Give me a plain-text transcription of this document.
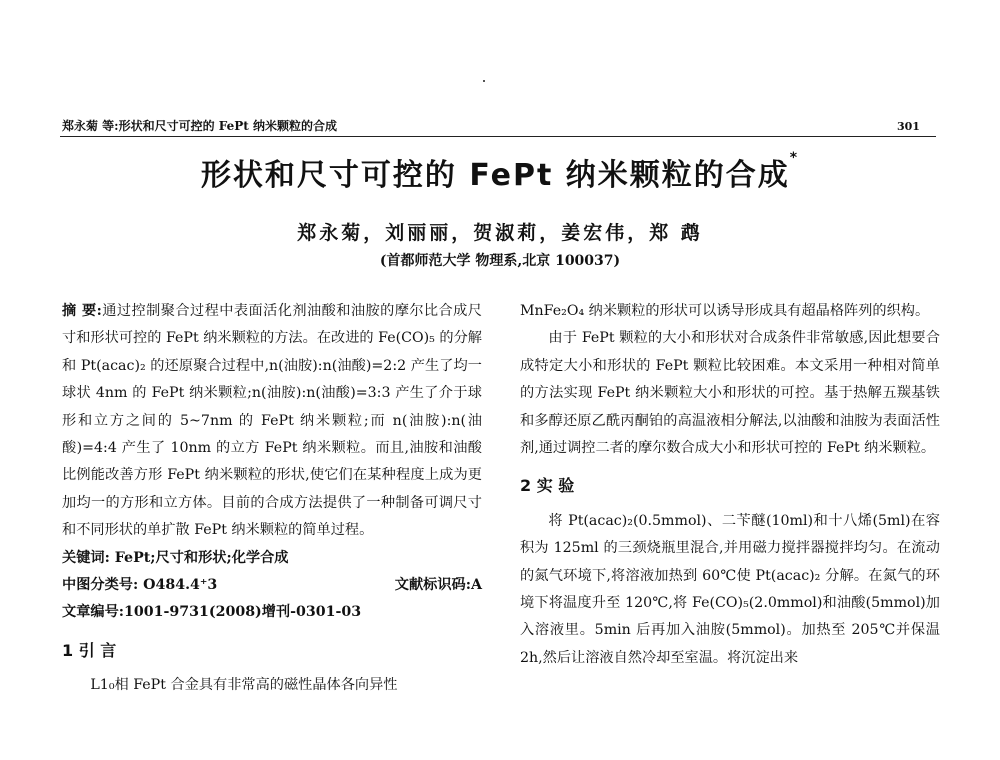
郑永菊 等:形状和尺寸可控的 FePt 纳米颗粒的合成	301
形状和尺寸可控的 FePt 纳米颗粒的合成*
郑永菊，刘丽丽，贺淑莉，姜宏伟，郑 鹉
(首都师范大学 物理系,北京 100037)

摘 要:通过控制聚合过程中表面活化剂油酸和油胺的摩尔比合成尺寸和形状可控的 FePt 纳米颗粒的方法。在改进的 Fe(CO)₅ 的分解和 Pt(acac)₂ 的还原聚合过程中,n(油胺):n(油酸)=2:2 产生了均一球状 4nm 的 FePt 纳米颗粒;n(油胺):n(油酸)=3:3 产生了介于球形和立方之间的 5~7nm 的 FePt 纳米颗粒;而 n(油胺):n(油酸)=4:4 产生了 10nm 的立方 FePt 纳米颗粒。而且,油胺和油酸比例能改善方形 FePt 纳米颗粒的形状,使它们在某种程度上成为更加均一的方形和立方体。目前的合成方法提供了一种制备可调尺寸和不同形状的单扩散 FePt 纳米颗粒的简单过程。

关键词: FePt;尺寸和形状;化学合成

中图分类号: O484.4⁺3	文献标识码:A

文章编号:1001-9731(2008)增刊-0301-03

1 引 言

L1₀相 FePt 合金具有非常高的磁性晶体各向异性

MnFe₂O₄ 纳米颗粒的形状可以诱导形成具有超晶格阵列的织构。

由于 FePt 颗粒的大小和形状对合成条件非常敏感,因此想要合成特定大小和形状的 FePt 颗粒比较困难。本文采用一种相对简单的方法实现 FePt 纳米颗粒大小和形状的可控。基于热解五羰基铁和多醇还原乙酰丙酮铂的高温液相分解法,以油酸和油胺为表面活性剂,通过调控二者的摩尔数合成大小和形状可控的 FePt 纳米颗粒。

2 实 验

将 Pt(acac)₂(0.5mmol)、二苄醚(10ml)和十八烯(5ml)在容积为 125ml 的三颈烧瓶里混合,并用磁力搅拌器搅拌均匀。在流动的氮气环境下,将溶液加热到 60℃使 Pt(acac)₂ 分解。在氮气的环境下将温度升至 120℃,将 Fe(CO)₅(2.0mmol)和油酸(5mmol)加入溶液里。5min 后再加入油胺(5mmol)。加热至 205℃并保温 2h,然后让溶液自然冷却至室温。将沉淀出来
